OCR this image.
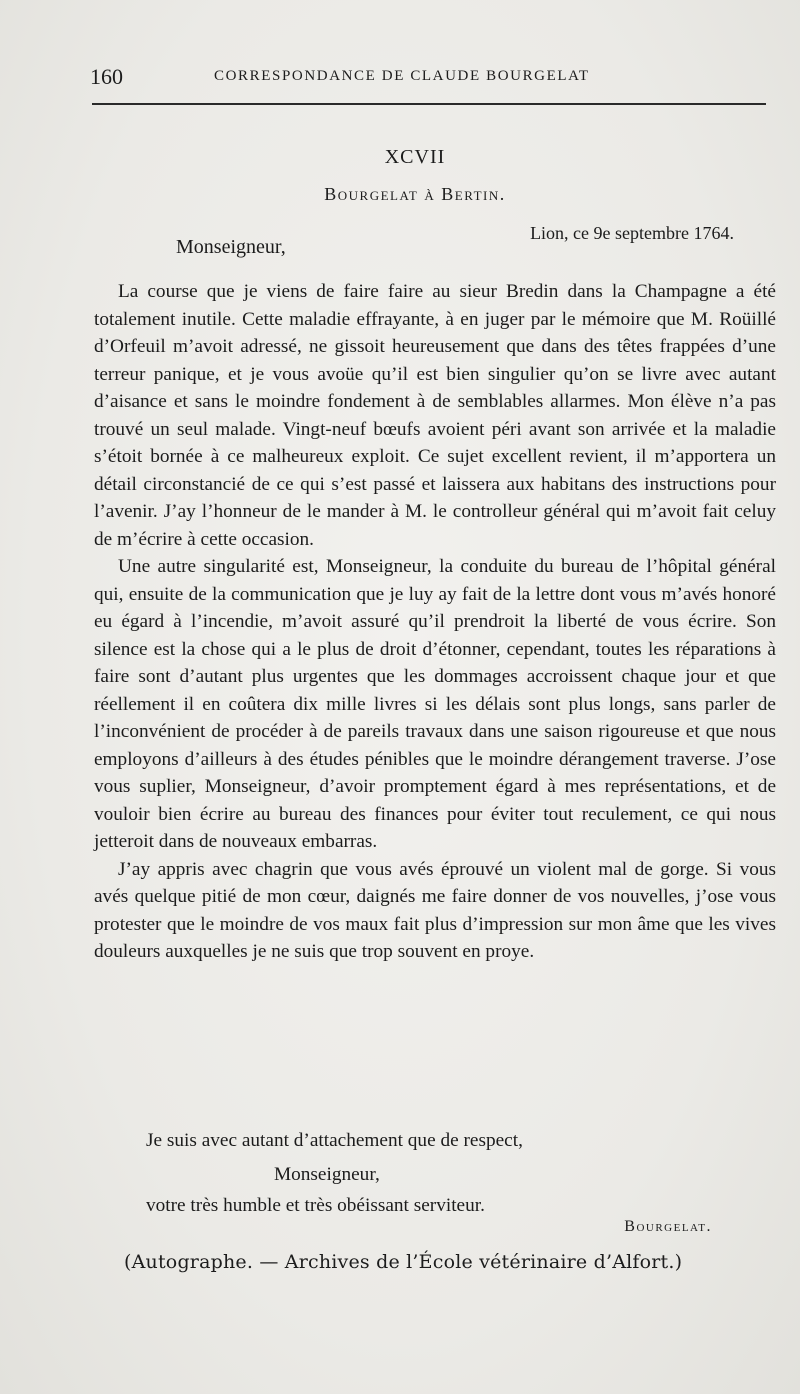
160	CORRESPONDANCE DE CLAUDE BOURGELAT
XCVII
Bourgelat à Bertin.
Lion, ce 9e septembre 1764.
Monseigneur,

La course que je viens de faire faire au sieur Bredin dans la Champagne a été totalement inutile. Cette maladie effrayante, à en juger par le mémoire que M. Roüillé d’Orfeuil m’avoit adressé, ne gissoit heureusement que dans des têtes frappées d’une terreur panique, et je vous avoüe qu’il est bien singulier qu’on se livre avec autant d’aisance et sans le moindre fondement à de semblables allarmes. Mon élève n’a pas trouvé un seul malade. Vingt-neuf bœufs avoient péri avant son arrivée et la maladie s’étoit bornée à ce malheureux exploit. Ce sujet excellent revient, il m’apportera un détail circonstancié de ce qui s’est passé et laissera aux habitans des instructions pour l’avenir. J’ay l’honneur de le mander à M. le controlleur général qui m’avoit fait celuy de m’écrire à cette occasion.

Une autre singularité est, Monseigneur, la conduite du bureau de l’hôpital général qui, ensuite de la communication que je luy ay fait de la lettre dont vous m’avés honoré eu égard à l’incendie, m’avoit assuré qu’il prendroit la liberté de vous écrire. Son silence est la chose qui a le plus de droit d’étonner, cependant, toutes les réparations à faire sont d’autant plus urgentes que les dommages accroissent chaque jour et que réellement il en coûtera dix mille livres si les délais sont plus longs, sans parler de l’inconvénient de procéder à de pareils travaux dans une saison rigoureuse et que nous employons d’ailleurs à des études pénibles que le moindre dérangement traverse. J’ose vous suplier, Monseigneur, d’avoir promptement égard à mes représentations, et de vouloir bien écrire au bureau des finances pour éviter tout reculement, ce qui nous jetteroit dans de nouveaux embarras.

J’ay appris avec chagrin que vous avés éprouvé un violent mal de gorge. Si vous avés quelque pitié de mon cœur, daignés me faire donner de vos nouvelles, j’ose vous protester que le moindre de vos maux fait plus d’impression sur mon âme que les vives douleurs auxquelles je ne suis que trop souvent en proye.

Je suis avec autant d’attachement que de respect,
Monseigneur,
votre très humble et très obéissant serviteur.
Bourgelat.
(Autographe. — Archives de l’École vétérinaire d’Alfort.)
